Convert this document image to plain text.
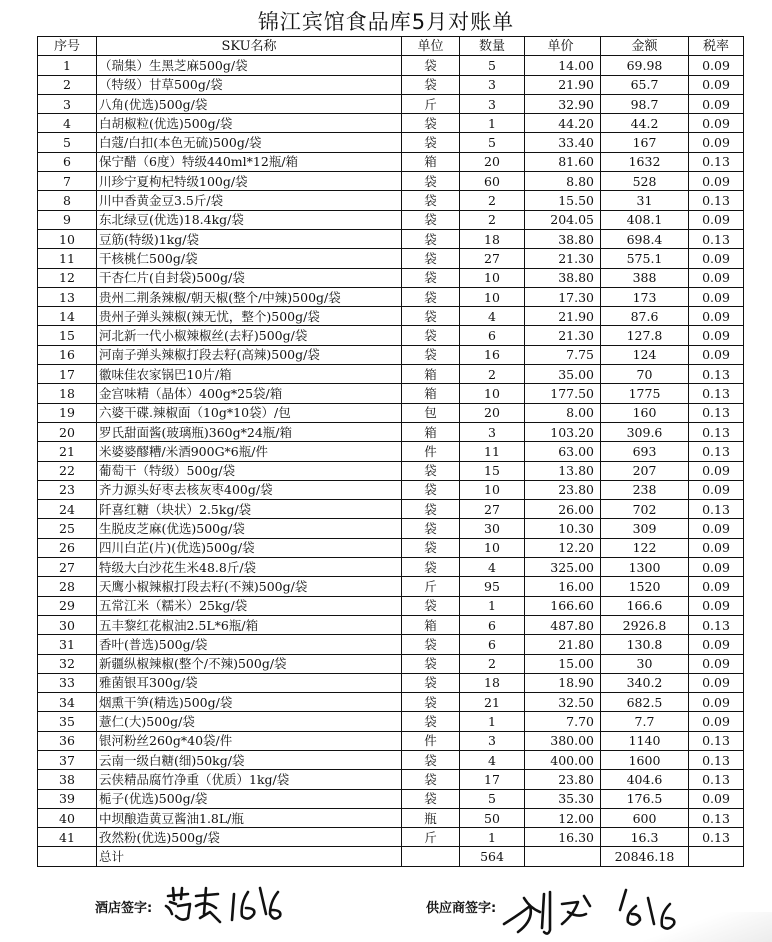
锦江宾馆食品库5月对账单
序号	SKU名称	单位	数量	单价	金额	税率
1	（瑞集）生黑芝麻500g/袋	袋	5	14.00	69.98	0.09
2	（特级）甘草500g/袋	袋	3	21.90	65.7	0.09
3	八角(优选)500g/袋	斤	3	32.90	98.7	0.09
4	白胡椒粒(优选)500g/袋	袋	1	44.20	44.2	0.09
5	白蔻/白扣(本色无硫)500g/袋	袋	5	33.40	167	0.09
6	保宁醋（6度）特级440ml*12瓶/箱	箱	20	81.60	1632	0.13
7	川珍宁夏枸杞特级100g/袋	袋	60	8.80	528	0.09
8	川中香黄金豆3.5斤/袋	袋	2	15.50	31	0.13
9	东北绿豆(优选)18.4kg/袋	袋	2	204.05	408.1	0.09
10	豆筋(特级)1kg/袋	袋	18	38.80	698.4	0.13
11	干核桃仁500g/袋	袋	27	21.30	575.1	0.09
12	干杏仁片(自封袋)500g/袋	袋	10	38.80	388	0.09
13	贵州二荆条辣椒/朝天椒(整个/中辣)500g/袋	袋	10	17.30	173	0.09
14	贵州子弹头辣椒(辣无忧，整个)500g/袋	袋	4	21.90	87.6	0.09
15	河北新一代小椒辣椒丝(去籽)500g/袋	袋	6	21.30	127.8	0.09
16	河南子弹头辣椒打段去籽(高辣)500g/袋	袋	16	7.75	124	0.09
17	徽味佳农家锅巴10片/箱	箱	2	35.00	70	0.13
18	金宫味精（晶体）400g*25袋/箱	箱	10	177.50	1775	0.13
19	六婆干碟.辣椒面（10g*10袋）/包	包	20	8.00	160	0.13
20	罗氏甜面酱(玻璃瓶)360g*24瓶/箱	箱	3	103.20	309.6	0.13
21	米婆婆醪糟/米酒900G*6瓶/件	件	11	63.00	693	0.13
22	葡萄干（特级）500g/袋	袋	15	13.80	207	0.09
23	齐力源头好枣去核灰枣400g/袋	袋	10	23.80	238	0.09
24	阡喜红糖（块状）2.5kg/袋	袋	27	26.00	702	0.13
25	生脱皮芝麻(优选)500g/袋	袋	30	10.30	309	0.09
26	四川白芷(片)(优选)500g/袋	袋	10	12.20	122	0.09
27	特级大白沙花生米48.8斤/袋	袋	4	325.00	1300	0.09
28	天鹰小椒辣椒打段去籽(不辣)500g/袋	斤	95	16.00	1520	0.09
29	五常江米（糯米）25kg/袋	袋	1	166.60	166.6	0.09
30	五丰黎红花椒油2.5L*6瓶/箱	箱	6	487.80	2926.8	0.13
31	香叶(普选)500g/袋	袋	6	21.80	130.8	0.09
32	新疆纵椒辣椒(整个/不辣)500g/袋	袋	2	15.00	30	0.09
33	雅菌银耳300g/袋	袋	18	18.90	340.2	0.09
34	烟熏干笋(精选)500g/袋	袋	21	32.50	682.5	0.09
35	薏仁(大)500g/袋	袋	1	7.70	7.7	0.09
36	银河粉丝260g*40袋/件	件	3	380.00	1140	0.13
37	云南一级白糖(细)50kg/袋	袋	4	400.00	1600	0.13
38	云侠精品腐竹净重（优质）1kg/袋	袋	17	23.80	404.6	0.13
39	栀子(优选)500g/袋	袋	5	35.30	176.5	0.09
40	中坝酿造黄豆酱油1.8L/瓶	瓶	50	12.00	600	0.13
41	孜然粉(优选)500g/袋	斤	1	16.30	16.3	0.13
	总计		564		20846.18	
酒店签字:	供应商签字:
